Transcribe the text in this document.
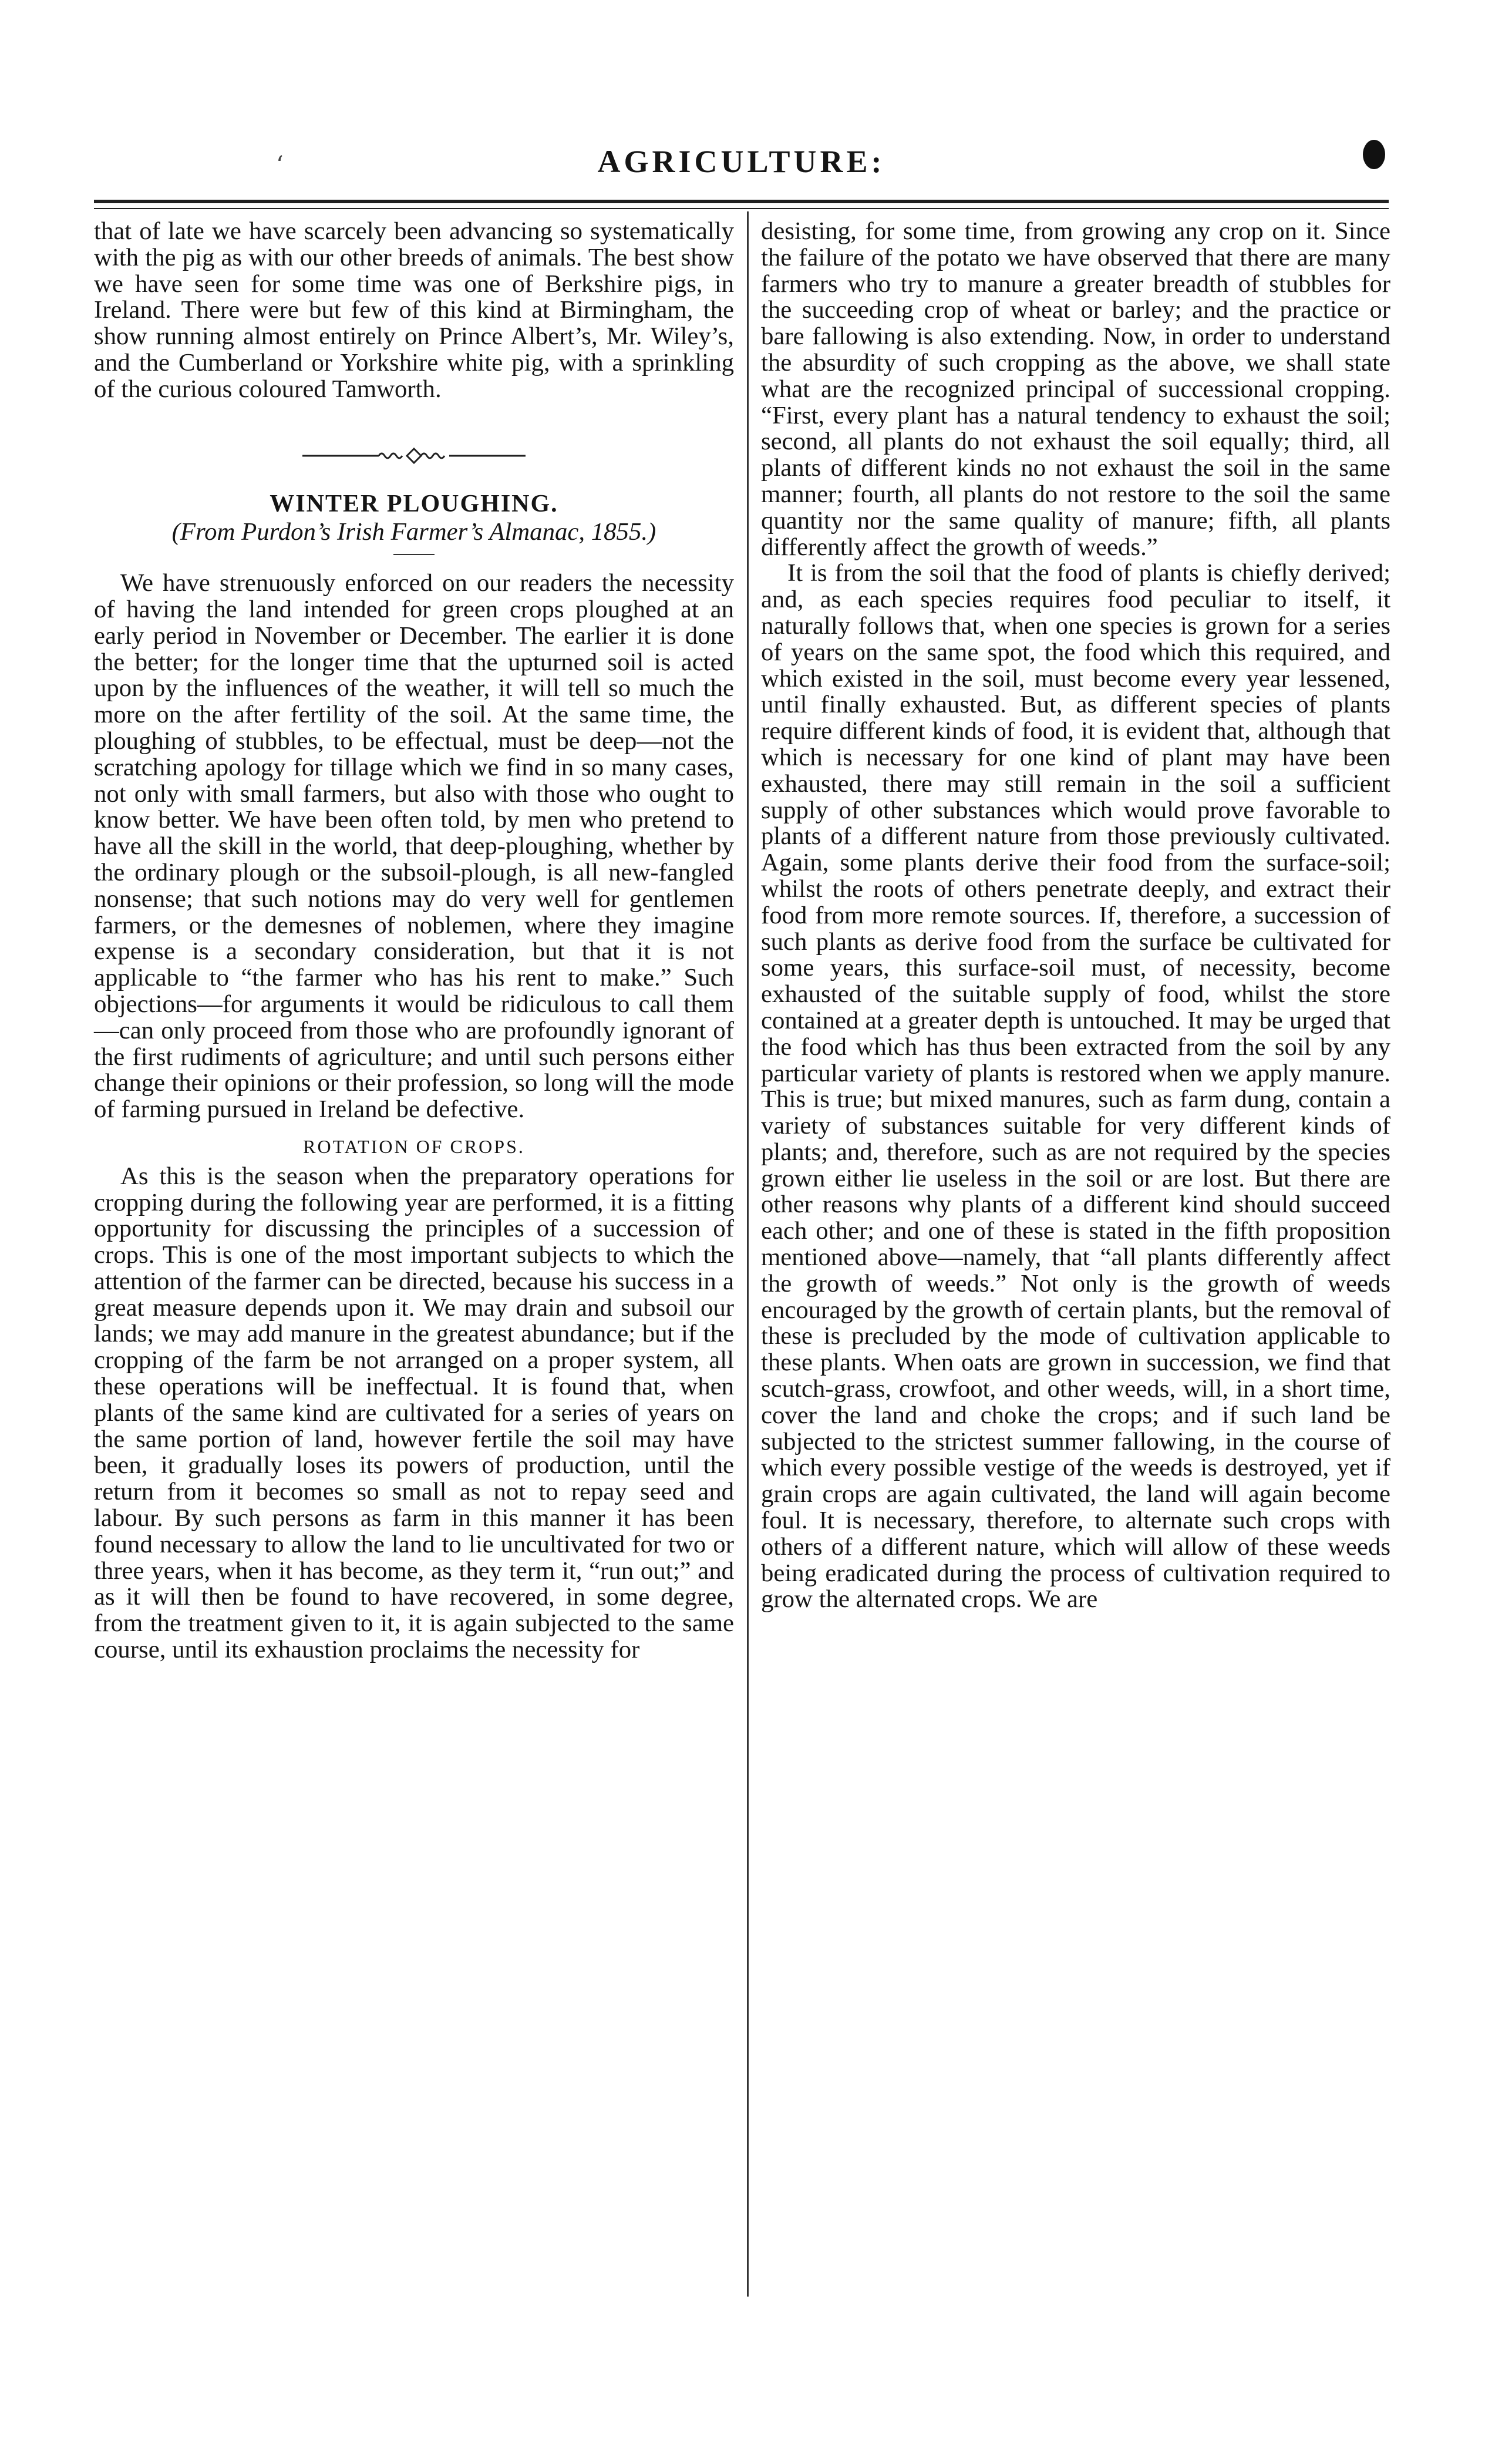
‘	AGRICULTURE:

that of late we have scarcely been advancing so systematically with the pig as with our other breeds of animals. The best show we have seen for some time was one of Berkshire pigs, in Ireland. There were but few of this kind at Birmingham, the show running almost entirely on Prince Albert’s, Mr. Wiley’s, and the Cumberland or Yorkshire white pig, with a sprinkling of the curious coloured Tamworth.

WINTER PLOUGHING.
(From Purdon’s Irish Farmer’s Almanac, 1855.)

We have strenuously enforced on our readers the necessity of having the land intended for green crops ploughed at an early period in November or December. The earlier it is done the better; for the longer time that the upturned soil is acted upon by the influences of the weather, it will tell so much the more on the after fertility of the soil. At the same time, the ploughing of stubbles, to be effectual, must be deep—not the scratching apology for tillage which we find in so many cases, not only with small farmers, but also with those who ought to know better. We have been often told, by men who pretend to have all the skill in the world, that deep-ploughing, whether by the ordinary plough or the subsoil-plough, is all new-fangled nonsense; that such notions may do very well for gentlemen farmers, or the demesnes of noblemen, where they imagine expense is a secondary consideration, but that it is not applicable to “the farmer who has his rent to make.” Such objections—for arguments it would be ridiculous to call them—can only proceed from those who are profoundly ignorant of the first rudiments of agriculture; and until such persons either change their opinions or their profession, so long will the mode of farming pursued in Ireland be defective.

ROTATION OF CROPS.

As this is the season when the preparatory operations for cropping during the following year are performed, it is a fitting opportunity for discussing the principles of a succession of crops. This is one of the most important subjects to which the attention of the farmer can be directed, because his success in a great measure depends upon it. We may drain and subsoil our lands; we may add manure in the greatest abundance; but if the cropping of the farm be not arranged on a proper system, all these operations will be ineffectual. It is found that, when plants of the same kind are cultivated for a series of years on the same portion of land, however fertile the soil may have been, it gradually loses its powers of production, until the return from it becomes so small as not to repay seed and labour. By such persons as farm in this manner it has been found necessary to allow the land to lie uncultivated for two or three years, when it has become, as they term it, “run out;” and as it will then be found to have recovered, in some degree, from the treatment given to it, it is again subjected to the same course, until its exhaustion proclaims the necessity for

desisting, for some time, from growing any crop on it. Since the failure of the potato we have observed that there are many farmers who try to manure a greater breadth of stubbles for the succeeding crop of wheat or barley; and the practice or bare fallowing is also extending. Now, in order to understand the absurdity of such cropping as the above, we shall state what are the recognized principal of successional cropping. “First, every plant has a natural tendency to exhaust the soil; second, all plants do not exhaust the soil equally; third, all plants of different kinds no not exhaust the soil in the same manner; fourth, all plants do not restore to the soil the same quantity nor the same quality of manure; fifth, all plants differently affect the growth of weeds.”

It is from the soil that the food of plants is chiefly derived; and, as each species requires food peculiar to itself, it naturally follows that, when one species is grown for a series of years on the same spot, the food which this required, and which existed in the soil, must become every year lessened, until finally exhausted. But, as different species of plants require different kinds of food, it is evident that, although that which is necessary for one kind of plant may have been exhausted, there may still remain in the soil a sufficient supply of other substances which would prove favorable to plants of a different nature from those previously cultivated. Again, some plants derive their food from the surface-soil; whilst the roots of others penetrate deeply, and extract their food from more remote sources. If, therefore, a succession of such plants as derive food from the surface be cultivated for some years, this surface-soil must, of necessity, become exhausted of the suitable supply of food, whilst the store contained at a greater depth is untouched. It may be urged that the food which has thus been extracted from the soil by any particular variety of plants is restored when we apply manure. This is true; but mixed manures, such as farm dung, contain a variety of substances suitable for very different kinds of plants; and, therefore, such as are not required by the species grown either lie useless in the soil or are lost. But there are other reasons why plants of a different kind should succeed each other; and one of these is stated in the fifth proposition mentioned above—namely, that “all plants differently affect the growth of weeds.” Not only is the growth of weeds encouraged by the growth of certain plants, but the removal of these is precluded by the mode of cultivation applicable to these plants. When oats are grown in succession, we find that scutch-grass, crowfoot, and other weeds, will, in a short time, cover the land and choke the crops; and if such land be subjected to the strictest summer fallowing, in the course of which every possible vestige of the weeds is destroyed, yet if grain crops are again cultivated, the land will again become foul. It is necessary, therefore, to alternate such crops with others of a different nature, which will allow of these weeds being eradicated during the process of cultivation required to grow the alternated crops. We are
